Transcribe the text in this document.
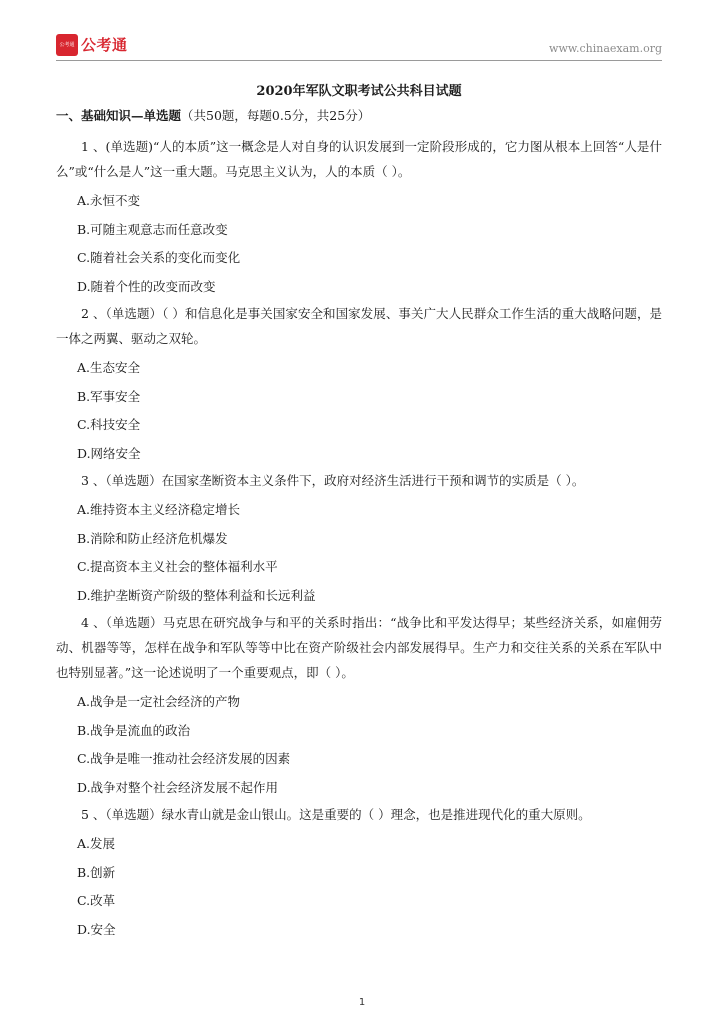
公考通 公考通	www.chinaexam.org
2020年军队文职考试公共科目试题

一、基础知识—单选题（共50题，每题0.5分，共25分）

1 、(单选题)“人的本质”这一概念是人对自身的认识发展到一定阶段形成的，它力图从根本上回答“人是什么”或“什么是人”这一重大题。马克思主义认为，人的本质（ ）。

A.永恒不变

B.可随主观意志而任意改变

C.随着社会关系的变化而变化

D.随着个性的改变而改变

2 、（单选题）（ ）和信息化是事关国家安全和国家发展、事关广大人民群众工作生活的重大战略问题，是一体之两翼、驱动之双轮。

A.生态安全

B.军事安全

C.科技安全

D.网络安全

3 、（单选题）在国家垄断资本主义条件下，政府对经济生活进行干预和调节的实质是（ ）。

A.维持资本主义经济稳定增长

B.消除和防止经济危机爆发

C.提高资本主义社会的整体福利水平

D.维护垄断资产阶级的整体利益和长远利益

4 、（单选题）马克思在研究战争与和平的关系时指出：“战争比和平发达得早；某些经济关系，如雇佣劳动、机器等等，怎样在战争和军队等等中比在资产阶级社会内部发展得早。生产力和交往关系的关系在军队中也特别显著。”这一论述说明了一个重要观点，即（ ）。

A.战争是一定社会经济的产物

B.战争是流血的政治

C.战争是唯一推动社会经济发展的因素

D.战争对整个社会经济发展不起作用

5 、（单选题）绿水青山就是金山银山。这是重要的（ ）理念，也是推进现代化的重大原则。

A.发展

B.创新

C.改革

D.安全

1
